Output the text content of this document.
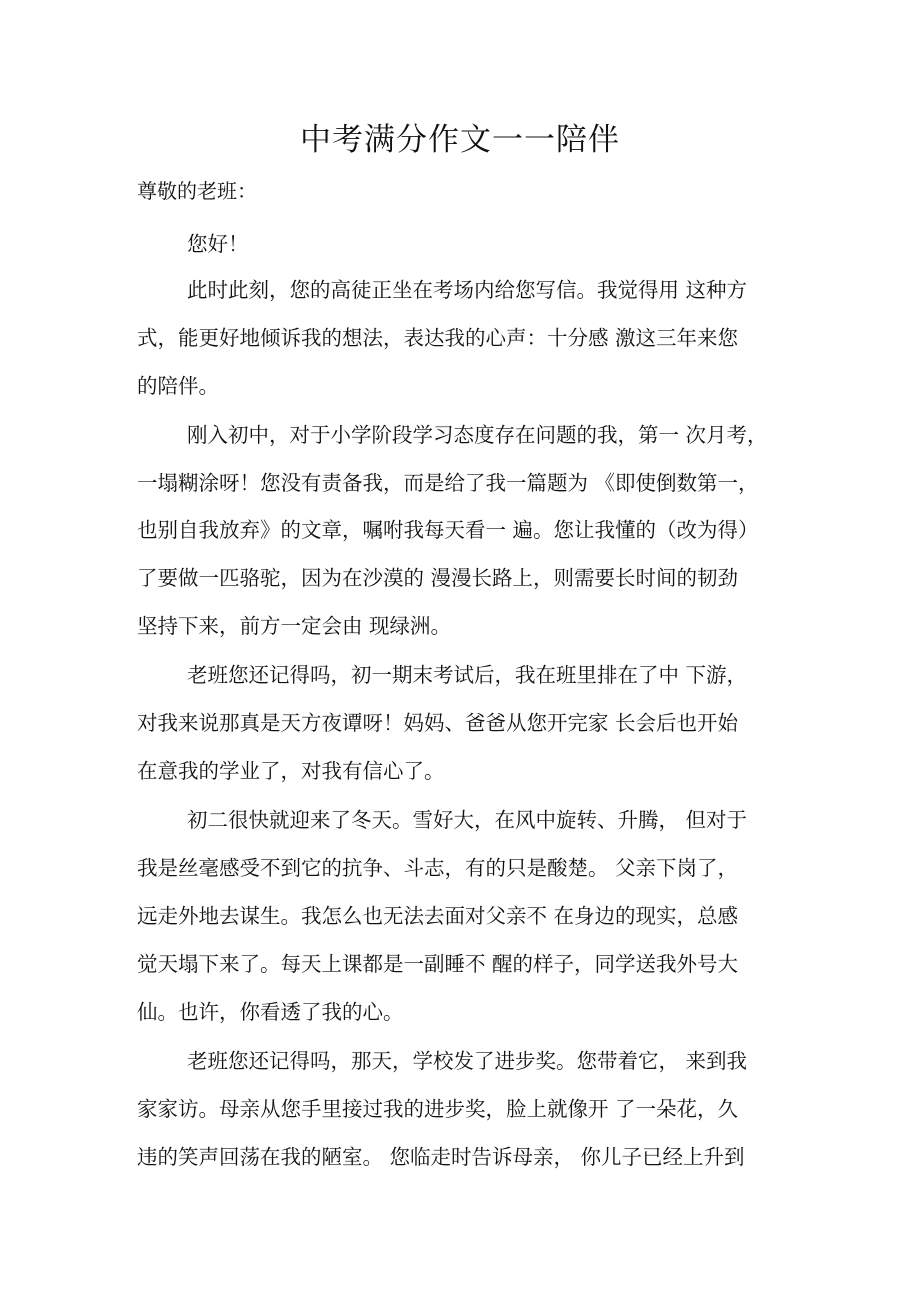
中考满分作文一一陪伴
尊敬的老班：
您好！
此时此刻，您的高徒正坐在考场内给您写信。我觉得用 这种方
式，能更好地倾诉我的想法，表达我的心声：十分感 激这三年来您
的陪伴。
刚入初中，对于小学阶段学习态度存在问题的我，第一 次月考，
一塌糊涂呀！您没有责备我，而是给了我一篇题为 《即使倒数第一，
也别自我放弃》的文章，嘱咐我每天看一 遍。您让我懂的（改为得）
了要做一匹骆驼，因为在沙漠的 漫漫长路上，则需要长时间的韧劲
坚持下来，前方一定会由 现绿洲。
老班您还记得吗，初一期末考试后，我在班里排在了中 下游，
对我来说那真是天方夜谭呀！妈妈、爸爸从您开完家 长会后也开始
在意我的学业了，对我有信心了。
初二很快就迎来了冬天。雪好大，在风中旋转、升腾， 但对于
我是丝毫感受不到它的抗争、斗志，有的只是酸楚。 父亲下岗了，
远走外地去谋生。我怎么也无法去面对父亲不 在身边的现实，总感
觉天塌下来了。每天上课都是一副睡不 醒的样子，同学送我外号大
仙。也许，你看透了我的心。
老班您还记得吗，那天，学校发了进步奖。您带着它， 来到我
家家访。母亲从您手里接过我的进步奖，脸上就像开 了一朵花，久
违的笑声回荡在我的陋室。 您临走时告诉母亲， 你儿子已经上升到
